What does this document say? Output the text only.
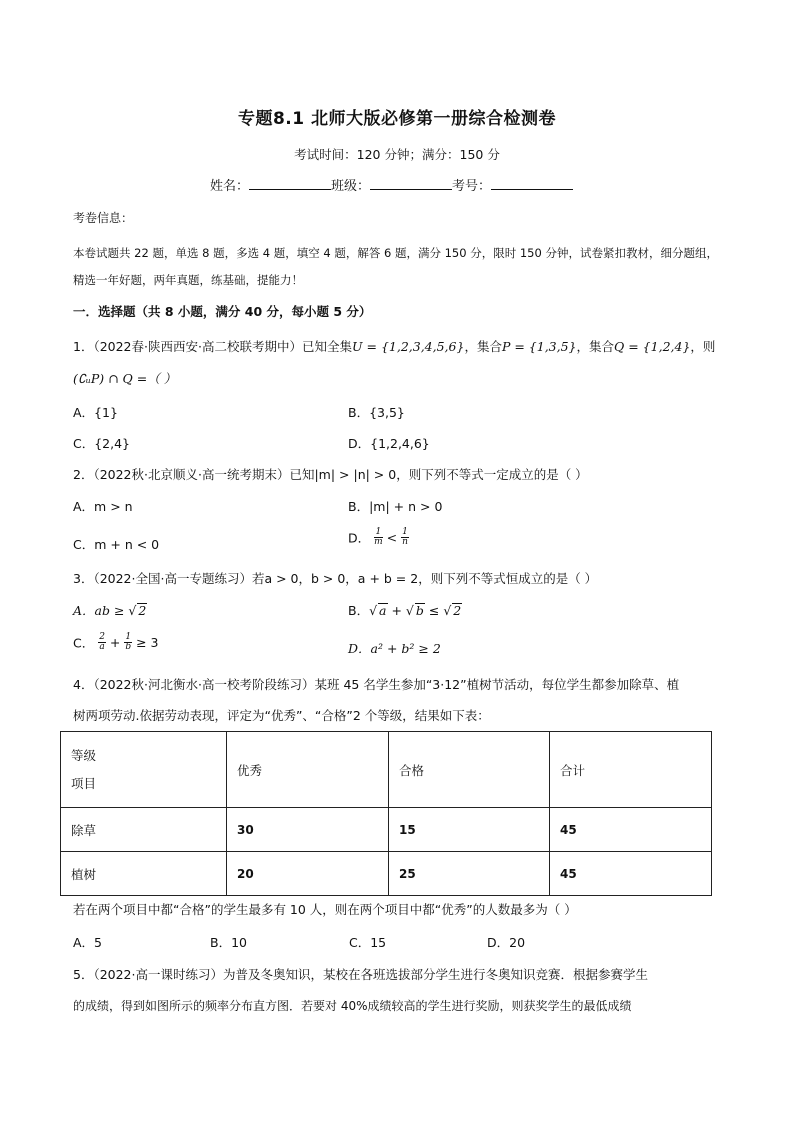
专题8.1 北师大版必修第一册综合检测卷
考试时间：120 分钟；满分：150 分
姓名：	班级：	考号：
考卷信息：
本卷试题共 22 题，单选 8 题，多选 4 题，填空 4 题，解答 6 题，满分 150 分，限时 150 分钟，试卷紧扣教材，细分题组，精选一年好题，两年真题，练基础，提能力！
一．选择题（共 8 小题，满分 40 分，每小题 5 分）
1．（2022春·陕西西安·高二校联考期中）已知全集U = {1,2,3,4,5,6}，集合P = {1,3,5}，集合Q = {1,2,4}，则
(∁ᵤP) ∩ Q =（ ）
A．{1}	B．{3,5}
C．{2,4}	D．{1,2,4,6}
2．（2022秋·北京顺义·高一统考期末）已知|m| > |n| > 0，则下列不等式一定成立的是（ ）
A．m > n	B．|m| + n > 0
C．m + n < 0	D． $\frac{1}{m} < \frac{1}{n}$
3．（2022·全国·高一专题练习）若a > 0，b > 0，a + b = 2，则下列不等式恒成立的是（ ）
A．ab ≥ √ 2	B．√ a + √ b ≤ √ 2
C． $\frac{2}{a} + \frac{1}{b} \ge 3$	D．a² + b² ≥ 2
4．（2022秋·河北衡水·高一校考阶段练习）某班 45 名学生参加“3·12”植树节活动，每位学生都参加除草、植
树两项劳动.依据劳动表现，评定为“优秀”、“合格”2 个等级，结果如下表：
等级
项目	优秀	合格	合计
除草	30	15	45
植树	20	25	45
若在两个项目中都“合格”的学生最多有 10 人，则在两个项目中都“优秀”的人数最多为（ ）
A．5	B．10	C．15	D．20
5．（2022·高一课时练习）为普及冬奥知识，某校在各班选拔部分学生进行冬奥知识竞赛．根据参赛学生
的成绩，得到如图所示的频率分布直方图．若要对 40%成绩较高的学生进行奖励，则获奖学生的最低成绩
